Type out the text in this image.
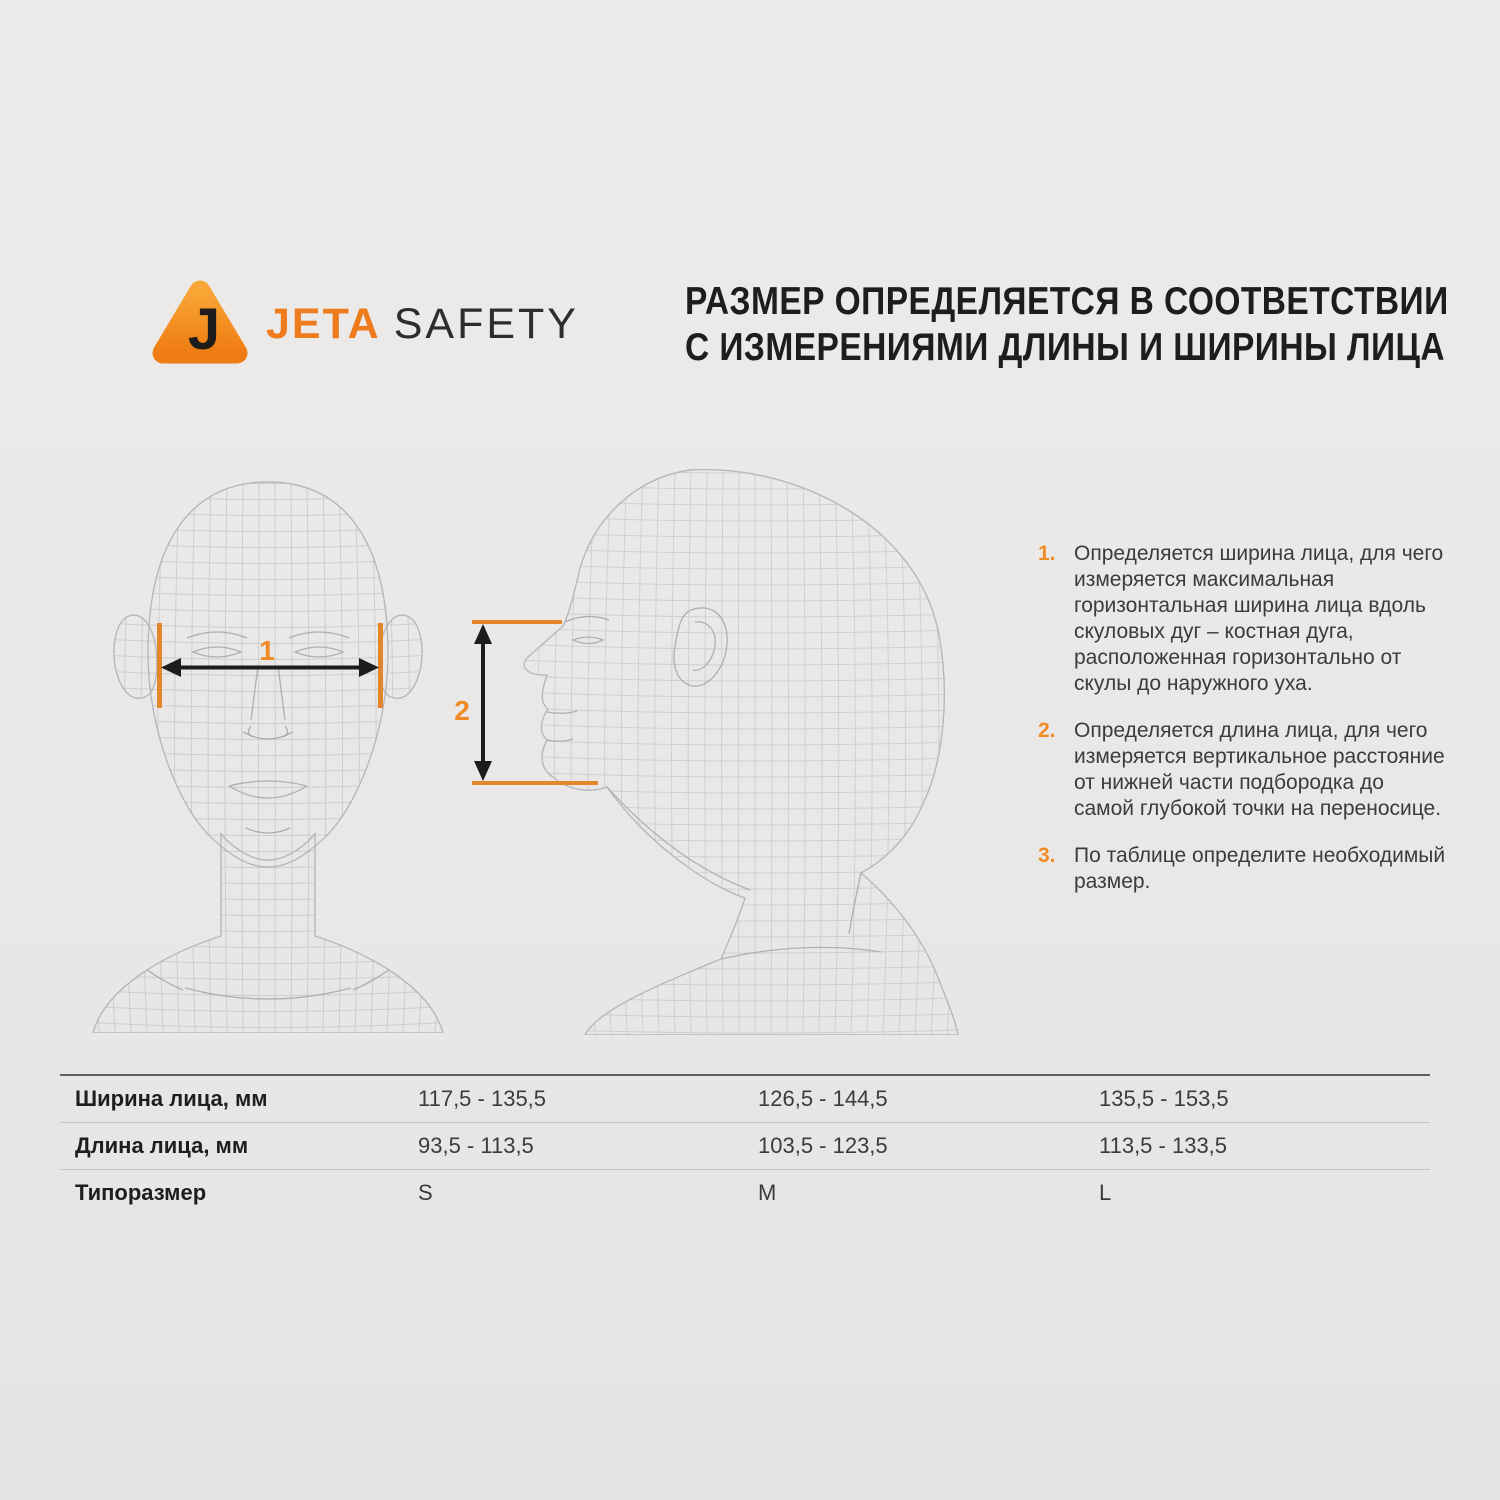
J JETA SAFETY	РАЗМЕР ОПРЕДЕЛЯЕТСЯ В СООТВЕТСТВИИ
С ИЗМЕРЕНИЯМИ ДЛИНЫ И ШИРИНЫ ЛИЦА
1
2
1. Определяется ширина лица, для чего измеряется максимальная горизонтальная ширина лица вдоль скуловых дуг – костная дуга, расположенная горизонтально от скулы до наружного уха.
2. Определяется длина лица, для чего измеряется вертикальное расстояние от нижней части подбородка до самой глубокой точки на переносице.
3. По таблице определите необходимый размер.
Ширина лица, мм	117,5 - 135,5	126,5 - 144,5	135,5 - 153,5
Длина лица, мм	93,5 - 113,5	103,5 - 123,5	113,5 - 133,5
Типоразмер	S	M	L
